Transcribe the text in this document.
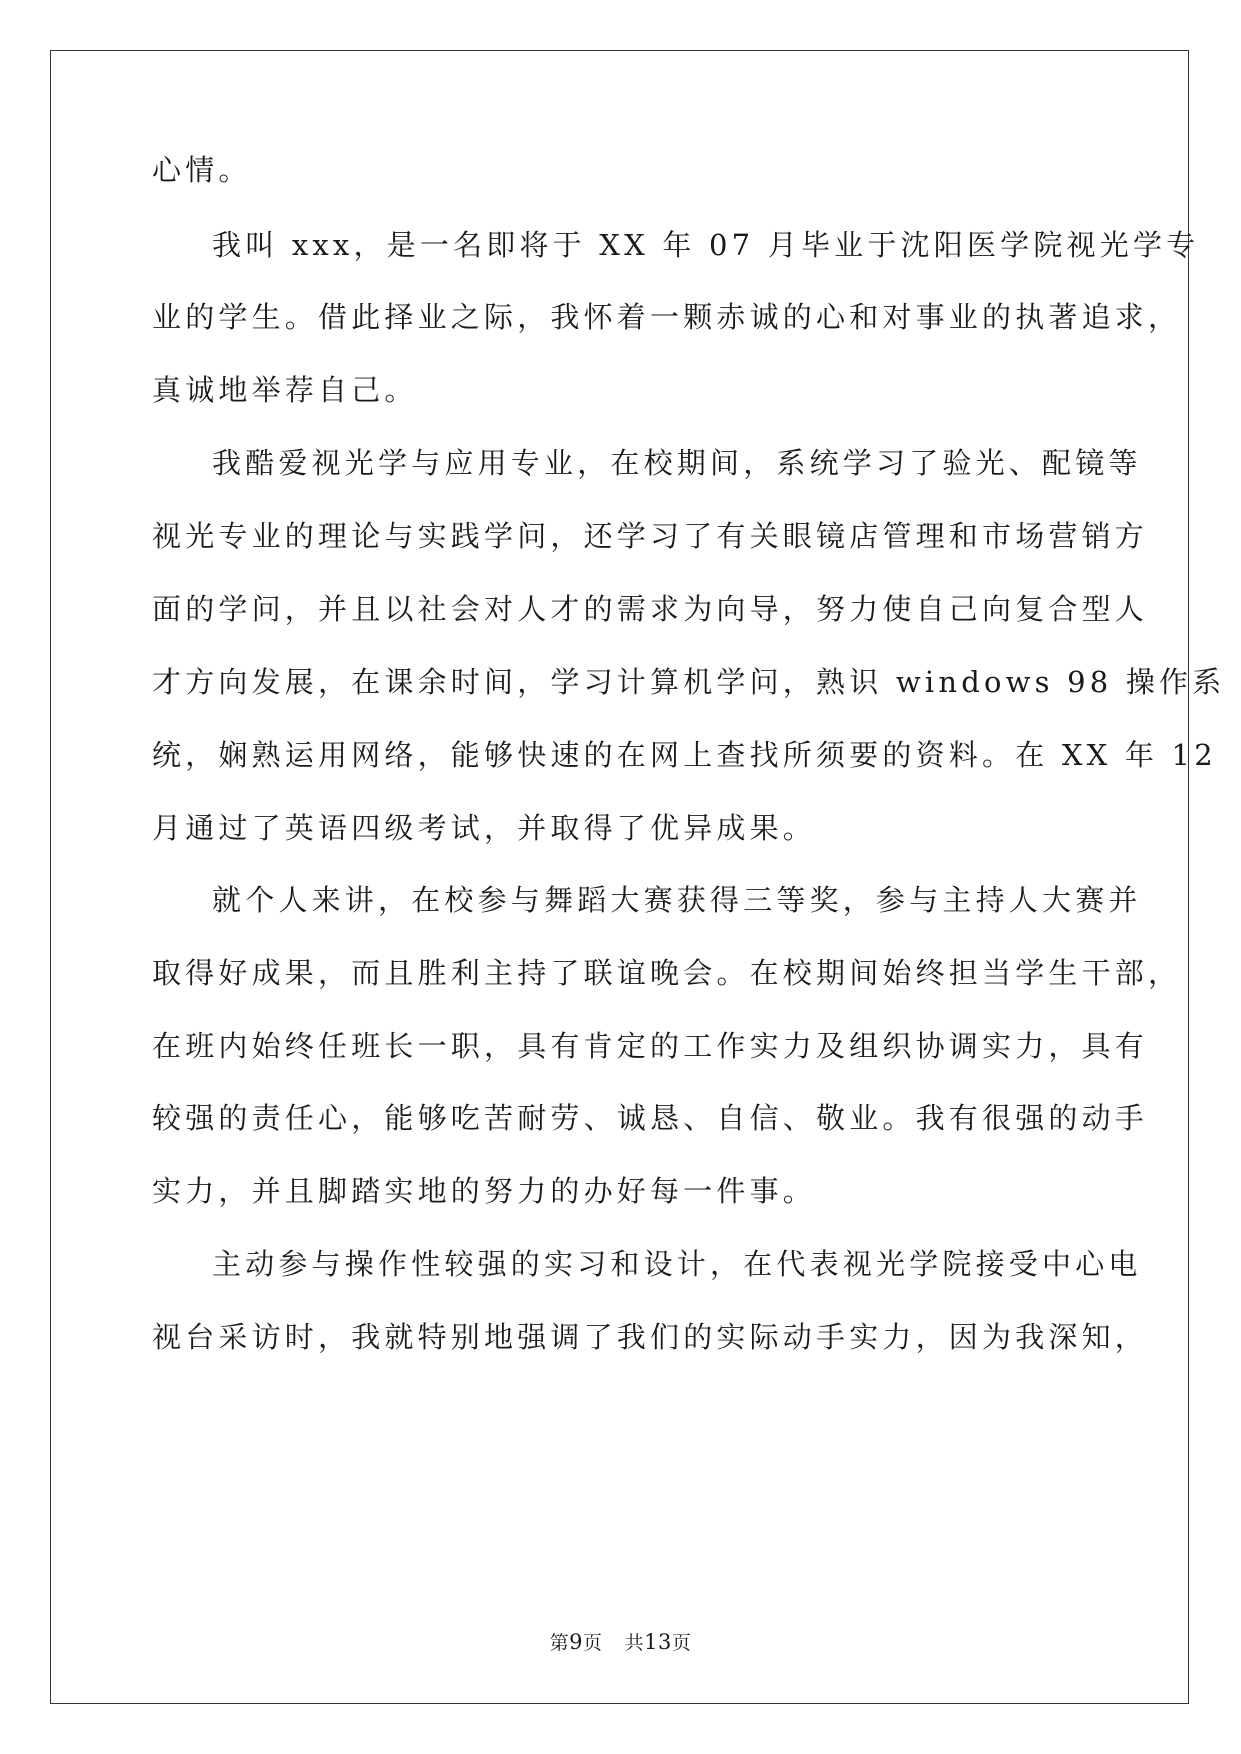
心情。
我叫 xxx，是一名即将于 XX 年 07 月毕业于沈阳医学院视光学专
业的学生。借此择业之际，我怀着一颗赤诚的心和对事业的执著追求，
真诚地举荐自己。
我酷爱视光学与应用专业，在校期间，系统学习了验光、配镜等
视光专业的理论与实践学问，还学习了有关眼镜店管理和市场营销方
面的学问，并且以社会对人才的需求为向导，努力使自己向复合型人
才方向发展，在课余时间，学习计算机学问，熟识 windows 98 操作系
统，娴熟运用网络，能够快速的在网上查找所须要的资料。在 XX 年 12
月通过了英语四级考试，并取得了优异成果。
就个人来讲，在校参与舞蹈大赛获得三等奖，参与主持人大赛并
取得好成果，而且胜利主持了联谊晚会。在校期间始终担当学生干部，
在班内始终任班长一职，具有肯定的工作实力及组织协调实力，具有
较强的责任心，能够吃苦耐劳、诚恳、自信、敬业。我有很强的动手
实力，并且脚踏实地的努力的办好每一件事。
主动参与操作性较强的实习和设计，在代表视光学院接受中心电
视台采访时，我就特别地强调了我们的实际动手实力，因为我深知，
第9页 共13页
